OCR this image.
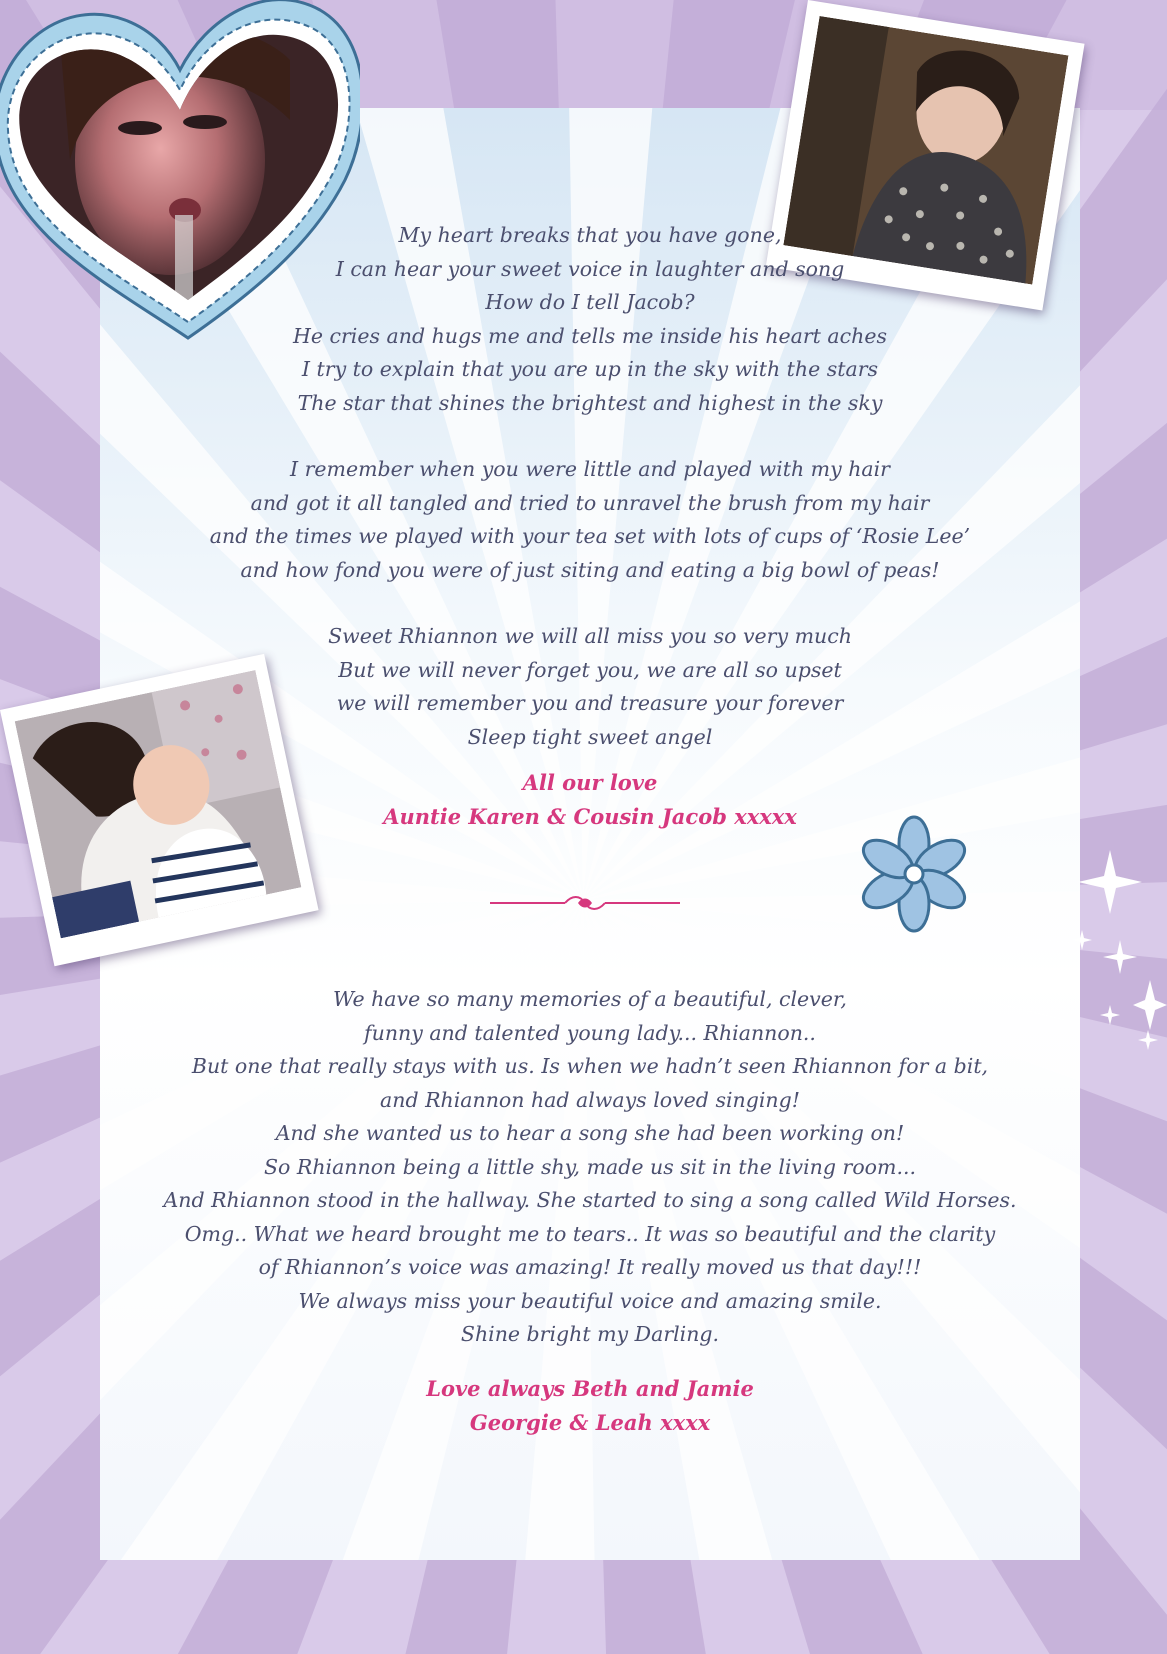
My heart breaks that you have gone,

I can hear your sweet voice in laughter and song

How do I tell Jacob?

He cries and hugs me and tells me inside his heart aches

I try to explain that you are up in the sky with the stars

The star that shines the brightest and highest in the sky

I remember when you were little and played with my hair

and got it all tangled and tried to unravel the brush from my hair

and the times we played with your tea set with lots of cups of ‘Rosie Lee’

and how fond you were of just siting and eating a big bowl of peas!

Sweet Rhiannon we will all miss you so very much

But we will never forget you, we are all so upset

we will remember you and treasure your forever

Sleep tight sweet angel

All our love

Auntie Karen & Cousin Jacob xxxxx

We have so many memories of a beautiful, clever,

funny and talented young lady... Rhiannon..

But one that really stays with us. Is when we hadn’t seen Rhiannon for a bit,

and Rhiannon had always loved singing!

And she wanted us to hear a song she had been working on!

So Rhiannon being a little shy, made us sit in the living room...

And Rhiannon stood in the hallway. She started to sing a song called Wild Horses.

Omg.. What we heard brought me to tears.. It was so beautiful and the clarity

of Rhiannon’s voice was amazing! It really moved us that day!!!

We always miss your beautiful voice and amazing smile.

Shine bright my Darling.

Love always Beth and Jamie

Georgie & Leah xxxx
